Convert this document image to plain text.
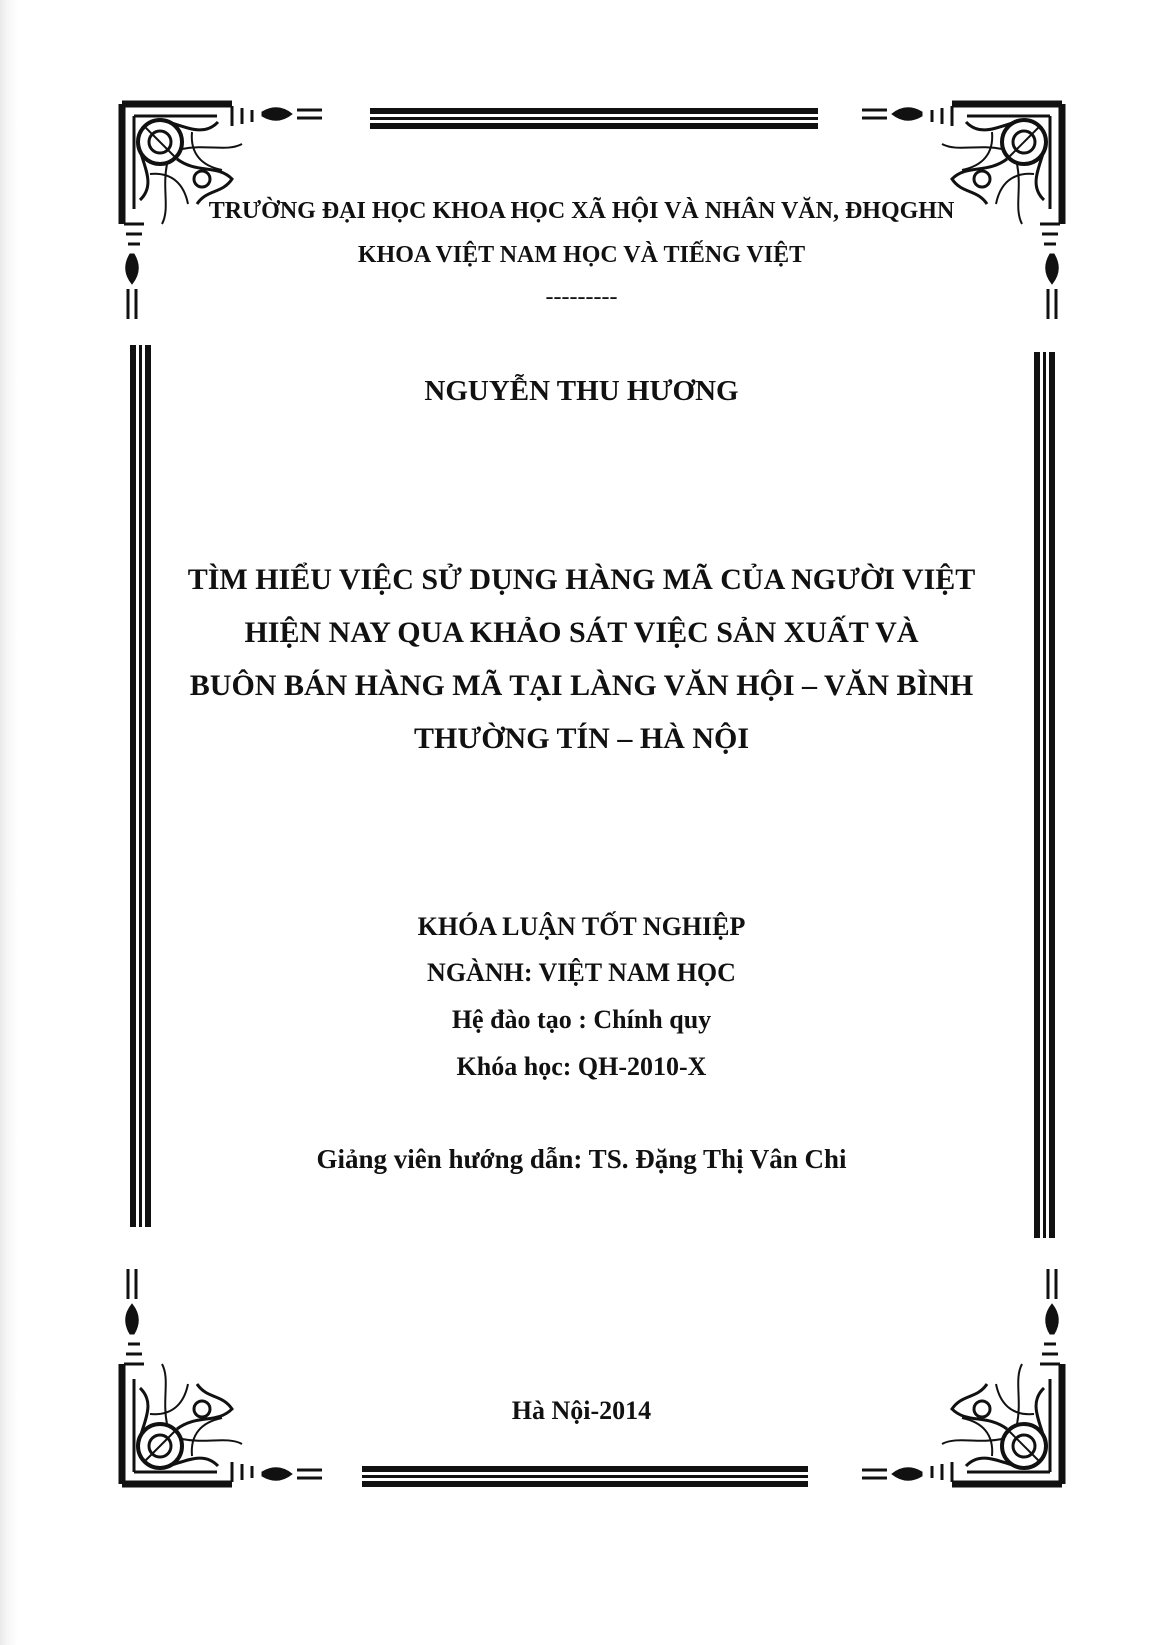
TRƯỜNG ĐẠI HỌC KHOA HỌC XÃ HỘI VÀ NHÂN VĂN, ĐHQGHN
KHOA VIỆT NAM HỌC VÀ TIẾNG VIỆT
---------
NGUYỄN THU HƯƠNG
TÌM HIỂU VIỆC SỬ DỤNG HÀNG MÃ CỦA NGƯỜI VIỆT
HIỆN NAY QUA KHẢO SÁT VIỆC SẢN XUẤT VÀ
BUÔN BÁN HÀNG MÃ TẠI LÀNG VĂN HỘI – VĂN BÌNH
THƯỜNG TÍN – HÀ NỘI
KHÓA LUẬN TỐT NGHIỆP
NGÀNH: VIỆT NAM HỌC
Hệ đào tạo : Chính quy
Khóa học: QH-2010-X
Giảng viên hướng dẫn: TS. Đặng Thị Vân Chi
Hà Nội-2014
